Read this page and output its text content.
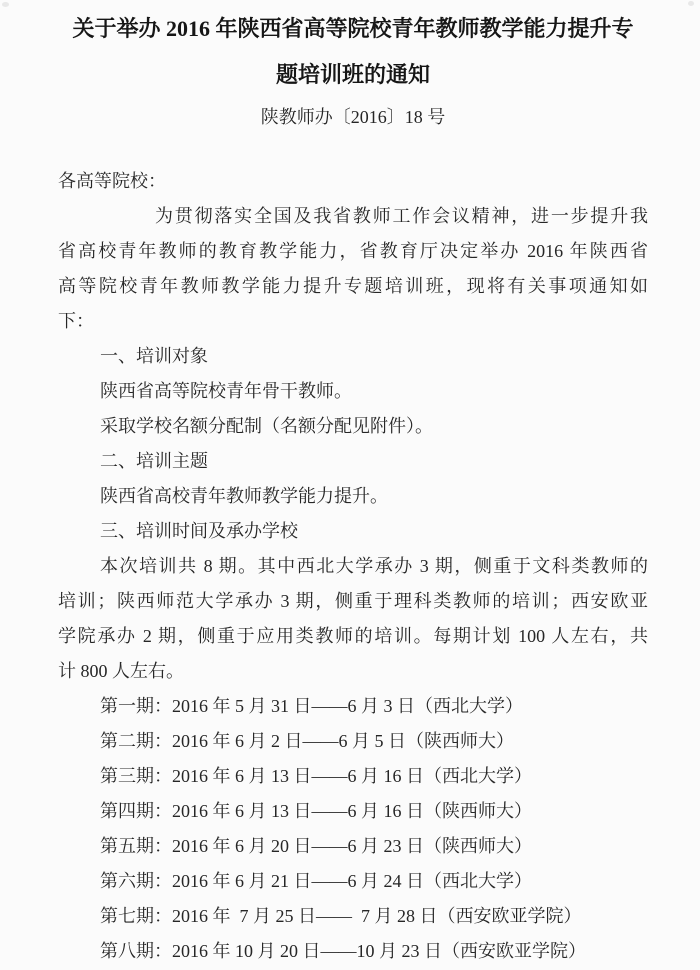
关于举办 2016 年陕西省高等院校青年教师教学能力提升专
题培训班的通知
陕教师办〔2016〕18 号
各高等院校：
为贯彻落实全国及我省教师工作会议精神，进一步提升我
省高校青年教师的教育教学能力，省教育厅决定举办 2016 年陕西省
高等院校青年教师教学能力提升专题培训班，现将有关事项通知如
下：
一、培训对象
陕西省高等院校青年骨干教师。
采取学校名额分配制（名额分配见附件）。
二、培训主题
陕西省高校青年教师教学能力提升。
三、培训时间及承办学校
本次培训共 8 期。其中西北大学承办 3 期，侧重于文科类教师的
培训；陕西师范大学承办 3 期，侧重于理科类教师的培训；西安欧亚
学院承办 2 期，侧重于应用类教师的培训。每期计划 100 人左右，共
计 800 人左右。
第一期：2016 年 5 月 31 日——6 月 3 日（西北大学）
第二期：2016 年 6 月 2 日——6 月 5 日（陕西师大）
第三期：2016 年 6 月 13 日——6 月 16 日（西北大学）
第四期：2016 年 6 月 13 日——6 月 16 日（陕西师大）
第五期：2016 年 6 月 20 日——6 月 23 日（陕西师大）
第六期：2016 年 6 月 21 日——6 月 24 日（西北大学）
第七期：2016 年  7 月 25 日——  7 月 28 日（西安欧亚学院）
第八期：2016 年 10 月 20 日——10 月 23 日（西安欧亚学院）
